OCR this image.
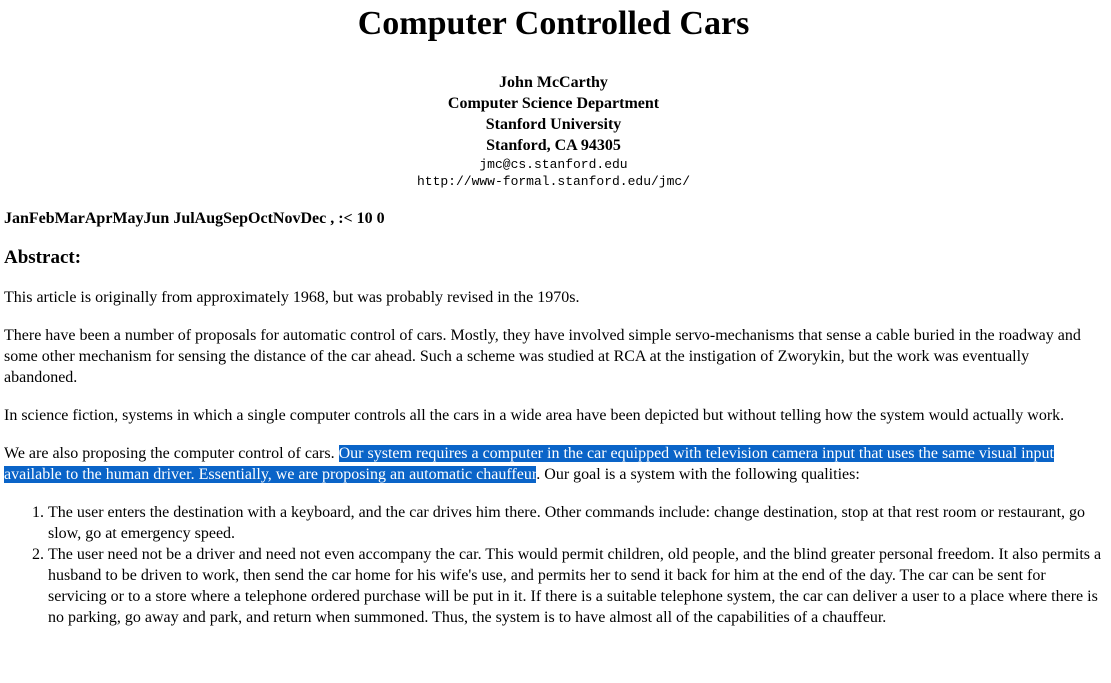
Computer Controlled Cars
John McCarthy
Computer Science Department
Stanford University
Stanford, CA 94305
jmc@cs.stanford.edu
http://www-formal.stanford.edu/jmc/
JanFebMarAprMayJun JulAugSepOctNovDec , :< 10 0
Abstract:

This article is originally from approximately 1968, but was probably revised in the 1970s.

There have been a number of proposals for automatic control of cars. Mostly, they have involved simple servo-mechanisms that sense a cable buried in the roadway and some other mechanism for sensing the distance of the car ahead. Such a scheme was studied at RCA at the instigation of Zworykin, but the work was eventually abandoned.

In science fiction, systems in which a single computer controls all the cars in a wide area have been depicted but without telling how the system would actually work.

We are also proposing the computer control of cars. Our system requires a computer in the car equipped with television camera input that uses the same visual input available to the human driver. Essentially, we are proposing an automatic chauffeur. Our goal is a system with the following qualities:

1. The user enters the destination with a keyboard, and the car drives him there. Other commands include: change destination, stop at that rest room or restaurant, go slow, go at emergency speed.
2. The user need not be a driver and need not even accompany the car. This would permit children, old people, and the blind greater personal freedom. It also permits a husband to be driven to work, then send the car home for his wife's use, and permits her to send it back for him at the end of the day. The car can be sent for servicing or to a store where a telephone ordered purchase will be put in it. If there is a suitable telephone system, the car can deliver a user to a place where there is no parking, go away and park, and return when summoned. Thus, the system is to have almost all of the capabilities of a chauffeur.
